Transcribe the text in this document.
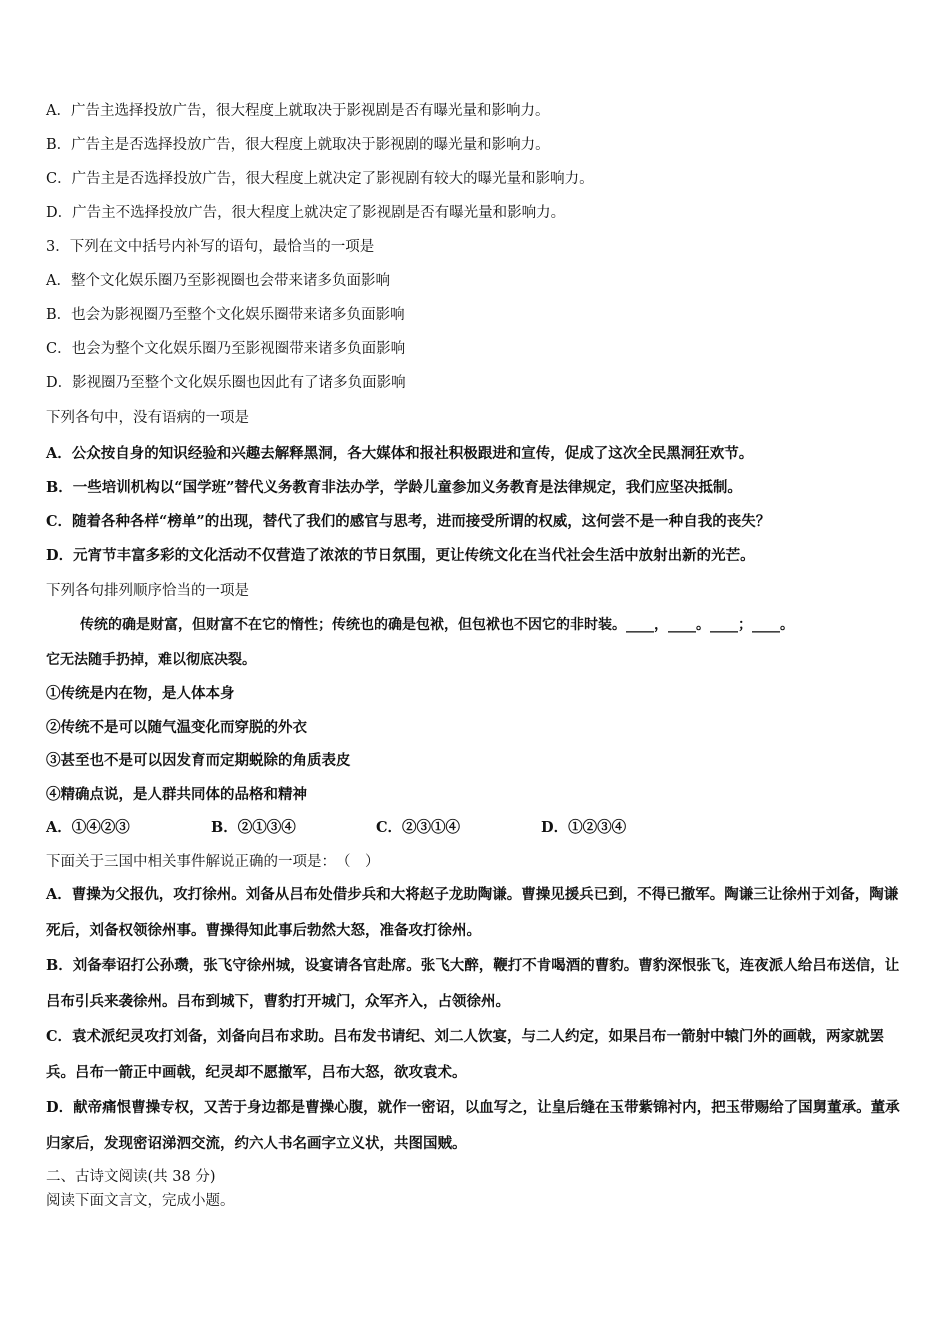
A．广告主选择投放广告，很大程度上就取决于影视剧是否有曝光量和影响力。
B．广告主是否选择投放广告，很大程度上就取决于影视剧的曝光量和影响力。
C．广告主是否选择投放广告，很大程度上就决定了影视剧有较大的曝光量和影响力。
D．广告主不选择投放广告，很大程度上就决定了影视剧是否有曝光量和影响力。
3．下列在文中括号内补写的语句，最恰当的一项是
A．整个文化娱乐圈乃至影视圈也会带来诸多负面影响
B．也会为影视圈乃至整个文化娱乐圈带来诸多负面影响
C．也会为整个文化娱乐圈乃至影视圈带来诸多负面影响
D．影视圈乃至整个文化娱乐圈也因此有了诸多负面影响
下列各句中，没有语病的一项是
A．公众按自身的知识经验和兴趣去解释黑洞，各大媒体和报社积极跟进和宣传，促成了这次全民黑洞狂欢节。
B．一些培训机构以“国学班”替代义务教育非法办学，学龄儿童参加义务教育是法律规定，我们应坚决抵制。
C．随着各种各样“榜单”的出现，替代了我们的感官与思考，进而接受所谓的权威，这何尝不是一种自我的丧失？
D．元宵节丰富多彩的文化活动不仅营造了浓浓的节日氛围，更让传统文化在当代社会生活中放射出新的光芒。
下列各句排列顺序恰当的一项是
传统的确是财富，但财富不在它的惰性；传统也的确是包袱，但包袱也不因它的非时装。____，____。____；____。
它无法随手扔掉，难以彻底决裂。
①传统是内在物，是人体本身
②传统不是可以随气温变化而穿脱的外衣
③甚至也不是可以因发育而定期蜕除的角质表皮
④精确点说，是人群共同体的品格和精神
A．①④②③	B．②①③④	C．②③①④	D．①②③④
下面关于三国中相关事件解说正确的一项是：　（　）
A．曹操为父报仇，攻打徐州。刘备从吕布处借步兵和大将赵子龙助陶谦。曹操见援兵已到，不得已撤军。陶谦三让徐州于刘备，陶谦死后，刘备权领徐州事。曹操得知此事后勃然大怒，准备攻打徐州。
B．刘备奉诏打公孙瓒，张飞守徐州城，设宴请各官赴席。张飞大醉，鞭打不肯喝酒的曹豹。曹豹深恨张飞，连夜派人给吕布送信，让吕布引兵来袭徐州。吕布到城下，曹豹打开城门，众军齐入，占领徐州。
C．袁术派纪灵攻打刘备，刘备向吕布求助。吕布发书请纪、刘二人饮宴，与二人约定，如果吕布一箭射中辕门外的画戟，两家就罢兵。吕布一箭正中画戟，纪灵却不愿撤军，吕布大怒，欲攻袁术。
D．献帝痛恨曹操专权，又苦于身边都是曹操心腹，就作一密诏，以血写之，让皇后缝在玉带紫锦衬内，把玉带赐给了国舅董承。董承归家后，发现密诏涕泗交流，约六人书名画字立义状，共图国贼。
二、古诗文阅读(共 38 分)
阅读下面文言文，完成小题。
